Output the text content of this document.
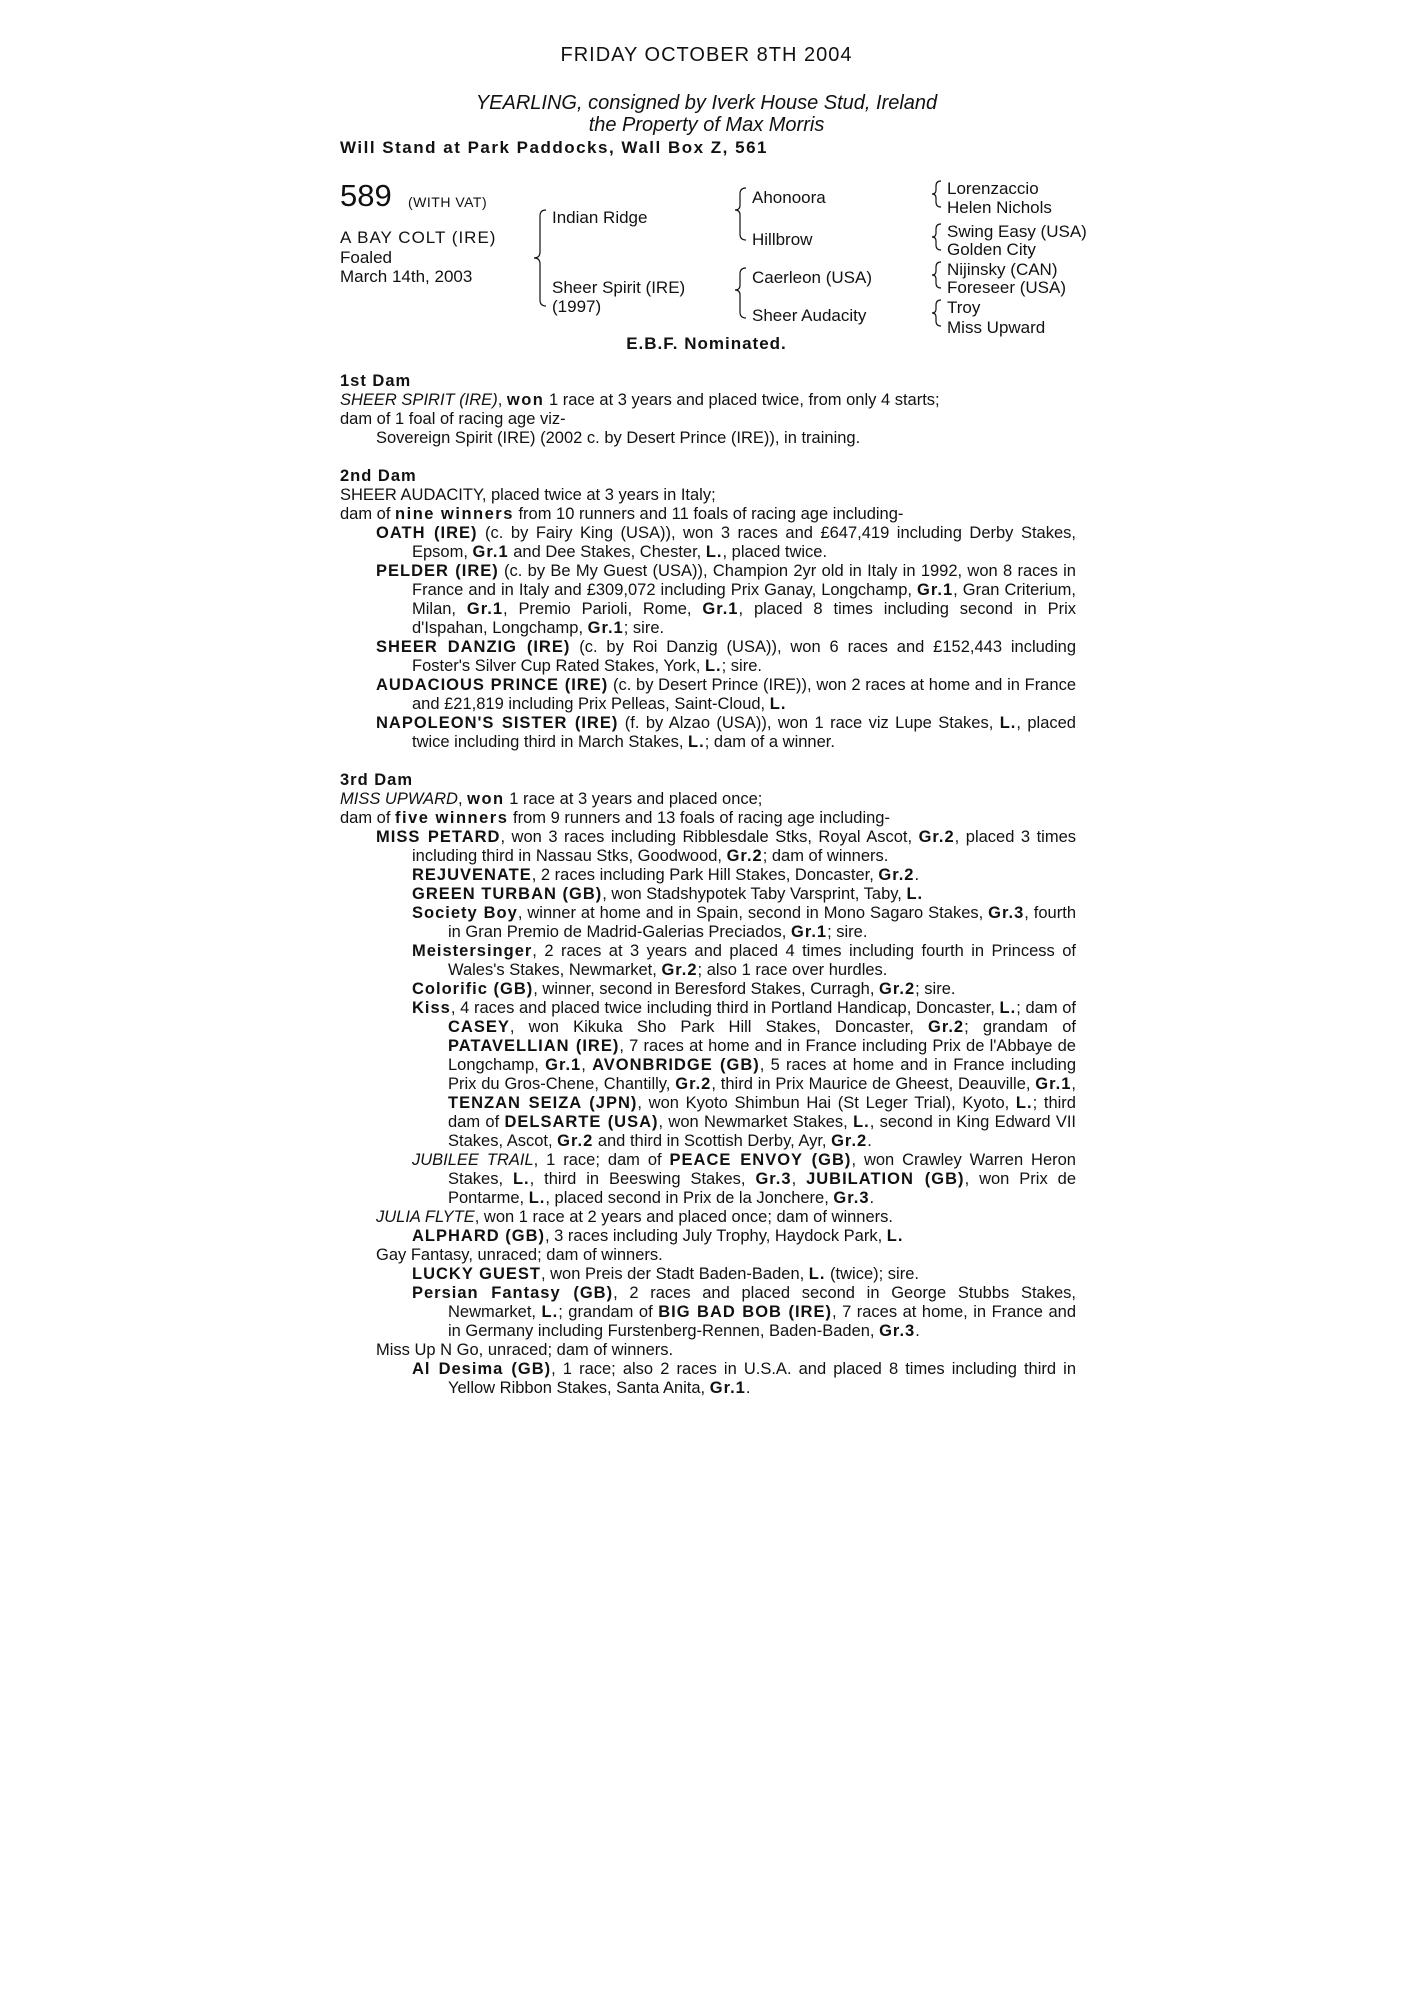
FRIDAY OCTOBER 8TH 2004
YEARLING, consigned by Iverk House Stud, Ireland
the Property of Max Morris
Will Stand at Park Paddocks, Wall Box Z, 561
589 (WITH VAT)
A BAY COLT (IRE)
Foaled
March 14th, 2003
Indian Ridge
Sheer Spirit (IRE)
(1997)
Ahonoora
Hillbrow
Caerleon (USA)
Sheer Audacity
Lorenzaccio
Helen Nichols
Swing Easy (USA)
Golden City
Nijinsky (CAN)
Foreseer (USA)
Troy
Miss Upward
E.B.F. Nominated.
1st Dam
SHEER SPIRIT (IRE), won 1 race at 3 years and placed twice, from only 4 starts;
dam of 1 foal of racing age viz-
Sovereign Spirit (IRE) (2002 c. by Desert Prince (IRE)), in training.
2nd Dam
SHEER AUDACITY, placed twice at 3 years in Italy;
dam of nine winners from 10 runners and 11 foals of racing age including-
OATH (IRE) (c. by Fairy King (USA)), won 3 races and £647,419 including Derby Stakes, Epsom, Gr.1 and Dee Stakes, Chester, L., placed twice.
PELDER (IRE) (c. by Be My Guest (USA)), Champion 2yr old in Italy in 1992, won 8 races in France and in Italy and £309,072 including Prix Ganay, Longchamp, Gr.1, Gran Criterium, Milan, Gr.1, Premio Parioli, Rome, Gr.1, placed 8 times including second in Prix d'Ispahan, Longchamp, Gr.1; sire.
SHEER DANZIG (IRE) (c. by Roi Danzig (USA)), won 6 races and £152,443 including Foster's Silver Cup Rated Stakes, York, L.; sire.
AUDACIOUS PRINCE (IRE) (c. by Desert Prince (IRE)), won 2 races at home and in France and £21,819 including Prix Pelleas, Saint-Cloud, L.
NAPOLEON'S SISTER (IRE) (f. by Alzao (USA)), won 1 race viz Lupe Stakes, L., placed twice including third in March Stakes, L.; dam of a winner.
3rd Dam
MISS UPWARD, won 1 race at 3 years and placed once;
dam of five winners from 9 runners and 13 foals of racing age including-
MISS PETARD, won 3 races including Ribblesdale Stks, Royal Ascot, Gr.2, placed 3 times including third in Nassau Stks, Goodwood, Gr.2; dam of winners.
REJUVENATE, 2 races including Park Hill Stakes, Doncaster, Gr.2.
GREEN TURBAN (GB), won Stadshypotek Taby Varsprint, Taby, L.
Society Boy, winner at home and in Spain, second in Mono Sagaro Stakes, Gr.3, fourth in Gran Premio de Madrid-Galerias Preciados, Gr.1; sire.
Meistersinger, 2 races at 3 years and placed 4 times including fourth in Princess of Wales's Stakes, Newmarket, Gr.2; also 1 race over hurdles.
Colorific (GB), winner, second in Beresford Stakes, Curragh, Gr.2; sire.
Kiss, 4 races and placed twice including third in Portland Handicap, Doncaster, L.; dam of CASEY, won Kikuka Sho Park Hill Stakes, Doncaster, Gr.2; grandam of PATAVELLIAN (IRE), 7 races at home and in France including Prix de l'Abbaye de Longchamp, Gr.1, AVONBRIDGE (GB), 5 races at home and in France including Prix du Gros-Chene, Chantilly, Gr.2, third in Prix Maurice de Gheest, Deauville, Gr.1, TENZAN SEIZA (JPN), won Kyoto Shimbun Hai (St Leger Trial), Kyoto, L.; third dam of DELSARTE (USA), won Newmarket Stakes, L., second in King Edward VII Stakes, Ascot, Gr.2 and third in Scottish Derby, Ayr, Gr.2.
JUBILEE TRAIL, 1 race; dam of PEACE ENVOY (GB), won Crawley Warren Heron Stakes, L., third in Beeswing Stakes, Gr.3, JUBILATION (GB), won Prix de Pontarme, L., placed second in Prix de la Jonchere, Gr.3.
JULIA FLYTE, won 1 race at 2 years and placed once; dam of winners.
ALPHARD (GB), 3 races including July Trophy, Haydock Park, L.
Gay Fantasy, unraced; dam of winners.
LUCKY GUEST, won Preis der Stadt Baden-Baden, L. (twice); sire.
Persian Fantasy (GB), 2 races and placed second in George Stubbs Stakes, Newmarket, L.; grandam of BIG BAD BOB (IRE), 7 races at home, in France and in Germany including Furstenberg-Rennen, Baden-Baden, Gr.3.
Miss Up N Go, unraced; dam of winners.
Al Desima (GB), 1 race; also 2 races in U.S.A. and placed 8 times including third in Yellow Ribbon Stakes, Santa Anita, Gr.1.
